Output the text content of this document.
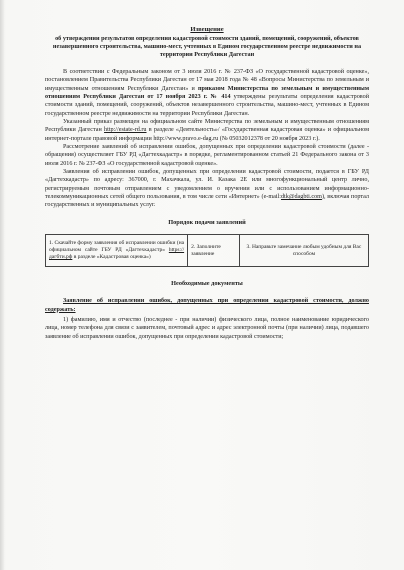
Извещение

об утверждении результатов определения кадастровой стоимости зданий, помещений, сооружений, объектов незавершенного строительства, машино-мест, учтенных в Едином государственном реестре недвижимости на территории Республики Дагестан

В соответствии с Федеральным законом от 3 июля 2016 г. № 237-ФЗ «О государственной кадастровой оценке», постановлением Правительства Республики Дагестан от 17 мая 2018 года № 48 «Вопросы Министерства по земельным и имущественным отношениям Республики Дагестан» и приказом Министерства по земельным и имущественным отношениям Республики Дагестан от 17 ноября 2023 г. № 414 утверждены результаты определения кадастровой стоимости зданий, помещений, сооружений, объектов незавершенного строительства, машино-мест, учтенных в Едином государственном реестре недвижимости на территории Республики Дагестан.

Указанный приказ размещен на официальном сайте Министерства по земельным и имущественным отношениям Республики Дагестан http://estate-rd.ru в разделе «Деятельность»/ «Государственная кадастровая оценка» и официальном интернет-портале правовой информации http://www.pravo.e-dag.ru (№ 05032012378 от 20 ноября 2023 г.).

Рассмотрение заявлений об исправлении ошибок, допущенных при определении кадастровой стоимости (далее - обращения) осуществляет ГБУ РД «Дагтехкадастр» в порядке, регламентированном статьей 21 Федерального закона от 3 июля 2016 г. № 237-ФЗ «О государственной кадастровой оценке».

Заявления об исправлении ошибок, допущенных при определении кадастровой стоимости, подается в ГБУ РД «Дагтехкадастр» по адресу: 367000, г. Махачкала, ул. И. Казака 2Е или многофункциональный центр лично, регистрируемым почтовым отправлением с уведомлением о вручении или с использованием информационно-телекоммуникационных сетей общего пользования, в том числе сети «Интернет» (e-mail:dtk@dagbti.com), включая портал государственных и муниципальных услуг.

Порядок подачи заявлений
1. Скачайте форму заявления об исправлении ошибки (на официальном сайте ГБУ РД «Дагтехкадастр» https://дагбти.рф в разделе «Кадастровая оценка»)	2. Заполните заявление	3. Направьте замечание любым удобным для Вас способом
Необходимые документы

Заявление об исправлении ошибок, допущенных при определении кадастровой стоимости, должно содержать:

1) фамилию, имя и отчество (последнее - при наличии) физического лица, полное наименование юридического лица, номер телефона для связи с заявителем, почтовый адрес и адрес электронной почты (при наличии) лица, подавшего заявление об исправлении ошибок, допущенных при определении кадастровой стоимости;
